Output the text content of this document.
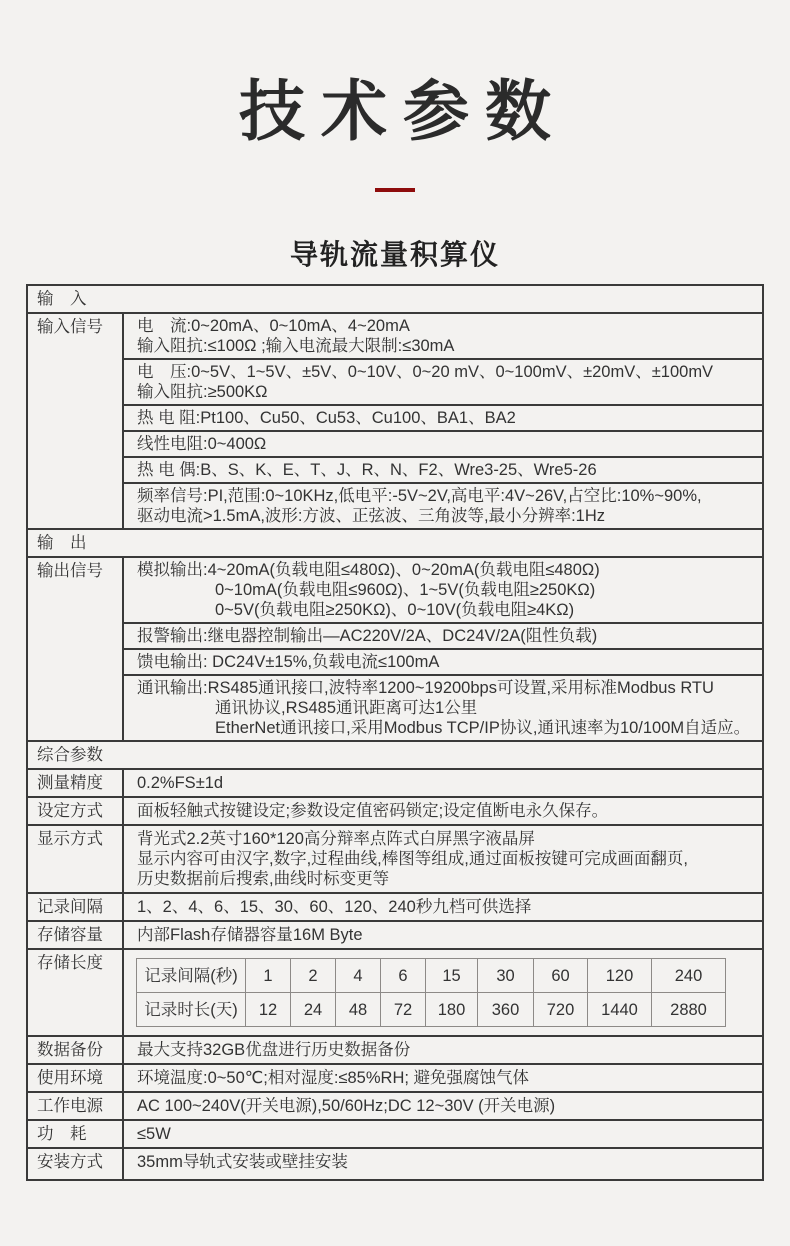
技术参数
导轨流量积算仪
输　入
输入信号	电　流:0~20mA、0~10mA、4~20mA
输入阻抗:≤100Ω ;输入电流最大限制:≤30mA
电　压:0~5V、1~5V、±5V、0~10V、0~20 mV、0~100mV、±20mV、±100mV
输入阻抗:≥500KΩ
热 电 阻:Pt100、Cu50、Cu53、Cu100、BA1、BA2
线性电阻:0~400Ω
热 电 偶:B、S、K、E、T、J、R、N、F2、Wre3-25、Wre5-26
频率信号:PI,范围:0~10KHz,低电平:-5V~2V,高电平:4V~26V,占空比:10%~90%,
驱动电流>1.5mA,波形:方波、正弦波、三角波等,最小分辨率:1Hz
输　出
输出信号	模拟输出:4~20mA(负载电阻≤480Ω)、0~20mA(负载电阻≤480Ω)
0~10mA(负载电阻≤960Ω)、1~5V(负载电阻≥250KΩ)
0~5V(负载电阻≥250KΩ)、0~10V(负载电阻≥4KΩ)
报警输出:继电器控制输出—AC220V/2A、DC24V/2A(阻性负载)
馈电输出: DC24V±15%,负载电流≤100mA
通讯输出:RS485通讯接口,波特率1200~19200bps可设置,采用标准Modbus RTU
通讯协议,RS485通讯距离可达1公里
EtherNet通讯接口,采用Modbus TCP/IP协议,通讯速率为10/100M自适应。
综合参数
测量精度	0.2%FS±1d
设定方式	面板轻触式按键设定;参数设定值密码锁定;设定值断电永久保存。
显示方式	背光式2.2英寸160*120高分辩率点阵式白屏黑字液晶屏
显示内容可由汉字,数字,过程曲线,棒图等组成,通过面板按键可完成画面翻页,
历史数据前后搜索,曲线时标变更等
记录间隔	1、2、4、6、15、30、60、120、240秒九档可供选择
存储容量	内部Flash存储器容量16M Byte
存储长度
记录间隔(秒)	1	2	4	6	15	30	60	120	240
记录时长(天)	12	24	48	72	180	360	720	1440	2880
数据备份	最大支持32GB优盘进行历史数据备份
使用环境	环境温度:0~50℃;相对湿度:≤85%RH; 避免强腐蚀气体
工作电源	AC 100~240V(开关电源),50/60Hz;DC 12~30V (开关电源)
功　耗	≤5W
安装方式	35mm导轨式安装或壁挂安装
